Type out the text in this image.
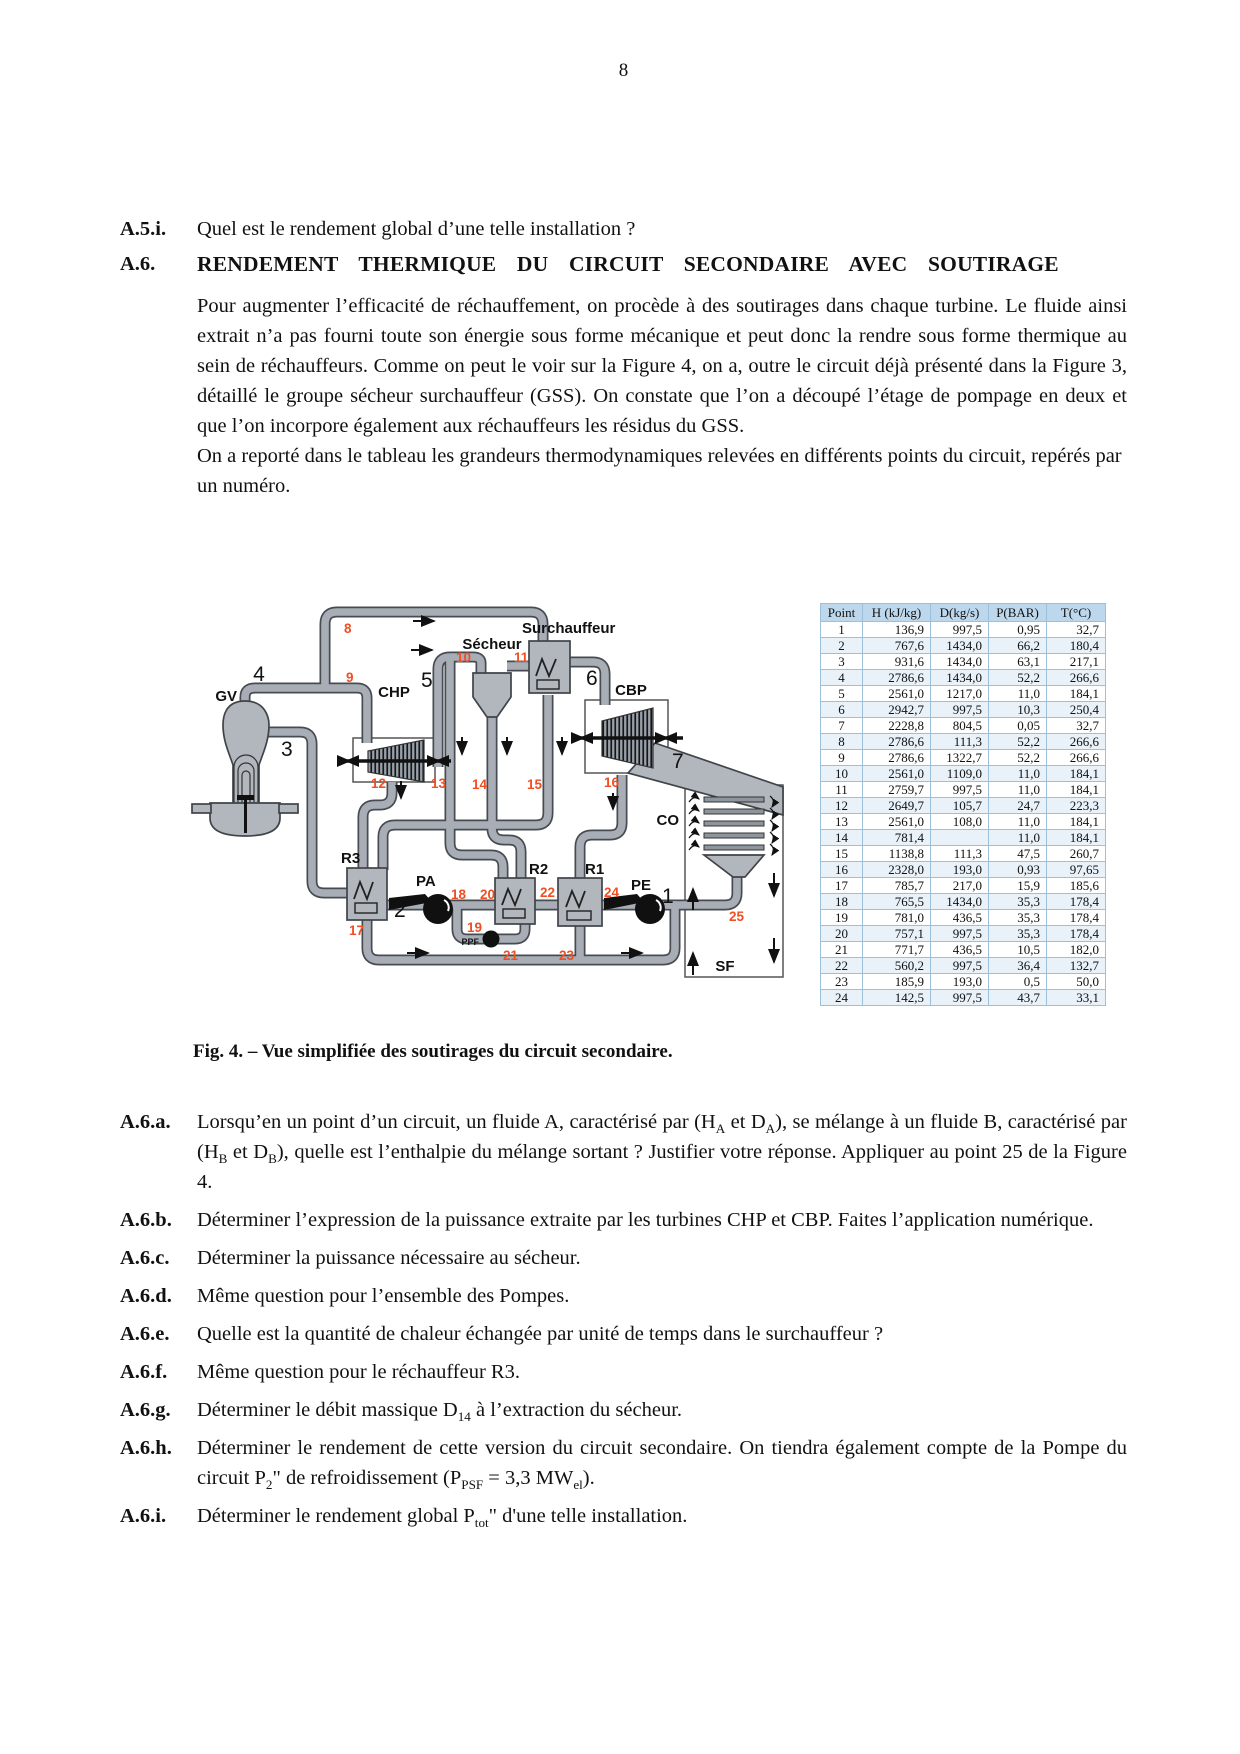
8
A.5.i.	Quel est le rendement global d’une telle installation ?
A.6.	RENDEMENT THERMIQUE DU CIRCUIT SECONDAIRE AVEC SOUTIRAGE
Pour augmenter l’efficacité de réchauffement, on procède à des soutirages dans chaque turbine. Le fluide ainsi extrait n’a pas fourni toute son énergie sous forme mécanique et peut donc la rendre sous forme thermique au sein de réchauffeurs. Comme on peut le voir sur la Figure 4, on a, outre le circuit déjà présenté dans la Figure 3, détaillé le groupe sécheur surchauffeur (GSS). On constate que l’on a découpé l’étage de pompage en deux et que l’on incorpore également aux réchauffeurs les résidus du GSS.
On a reporté dans le tableau les grandeurs thermodynamiques relevées en différents points du circuit, repérés par un numéro.
GV	CHP	CBP
Sécheur
Surchauffeur
CO
SF
R1
R2
R3
PA	PE
PPF
4
3
5	6
7
2
1
8
9
10	11
12	13 14	15	16
17
18
19
20
21
22
23
24
25
Point	H (kJ/kg)	D(kg/s)	P(BAR)	T(°C)
1	136,9	997,5	0,95	32,7
2	767,6	1434,0	66,2	180,4
3	931,6	1434,0	63,1	217,1
4	2786,6	1434,0	52,2	266,6
5	2561,0	1217,0	11,0	184,1
6	2942,7	997,5	10,3	250,4
7	2228,8	804,5	0,05	32,7
8	2786,6	111,3	52,2	266,6
9	2786,6	1322,7	52,2	266,6
10	2561,0	1109,0	11,0	184,1
11	2759,7	997,5	11,0	184,1
12	2649,7	105,7	24,7	223,3
13	2561,0	108,0	11,0	184,1
14	781,4		11,0	184,1
15	1138,8	111,3	47,5	260,7
16	2328,0	193,0	0,93	97,65
17	785,7	217,0	15,9	185,6
18	765,5	1434,0	35,3	178,4
19	781,0	436,5	35,3	178,4
20	757,1	997,5	35,3	178,4
21	771,7	436,5	10,5	182,0
22	560,2	997,5	36,4	132,7
23	185,9	193,0	0,5	50,0
24	142,5	997,5	43,7	33,1
Fig. 4. – Vue simplifiée des soutirages du circuit secondaire.
A.6.a.	Lorsqu’en un point d’un circuit, un fluide A, caractérisé par ($H_A$ et $D_A$), se mélange à un fluide B, caractérisé par ($H_B$ et $D_B$), quelle est l’enthalpie du mélange sortant ? Justifier votre réponse. Appliquer au point 25 de la Figure 4.
A.6.b.	Déterminer l’expression de la puissance extraite par les turbines CHP et CBP. Faites l’application numérique.
A.6.c.	Déterminer la puissance nécessaire au sécheur.
A.6.d.	Même question pour l’ensemble des Pompes.
A.6.e.	Quelle est la quantité de chaleur échangée par unité de temps dans le surchauffeur ?
A.6.f.	Même question pour le réchauffeur R3.
A.6.g.	Déterminer le débit massique $D_{14}$ à l’extraction du sécheur.
A.6.h.	Déterminer le rendement de cette version du circuit secondaire. On tiendra également compte de la Pompe du circuit $P_2$" de refroidissement ($P_{PSF} = 3,3$ $MW_{el}$).
A.6.i.	Déterminer le rendement global $P_{tot}$" d'une telle installation.
